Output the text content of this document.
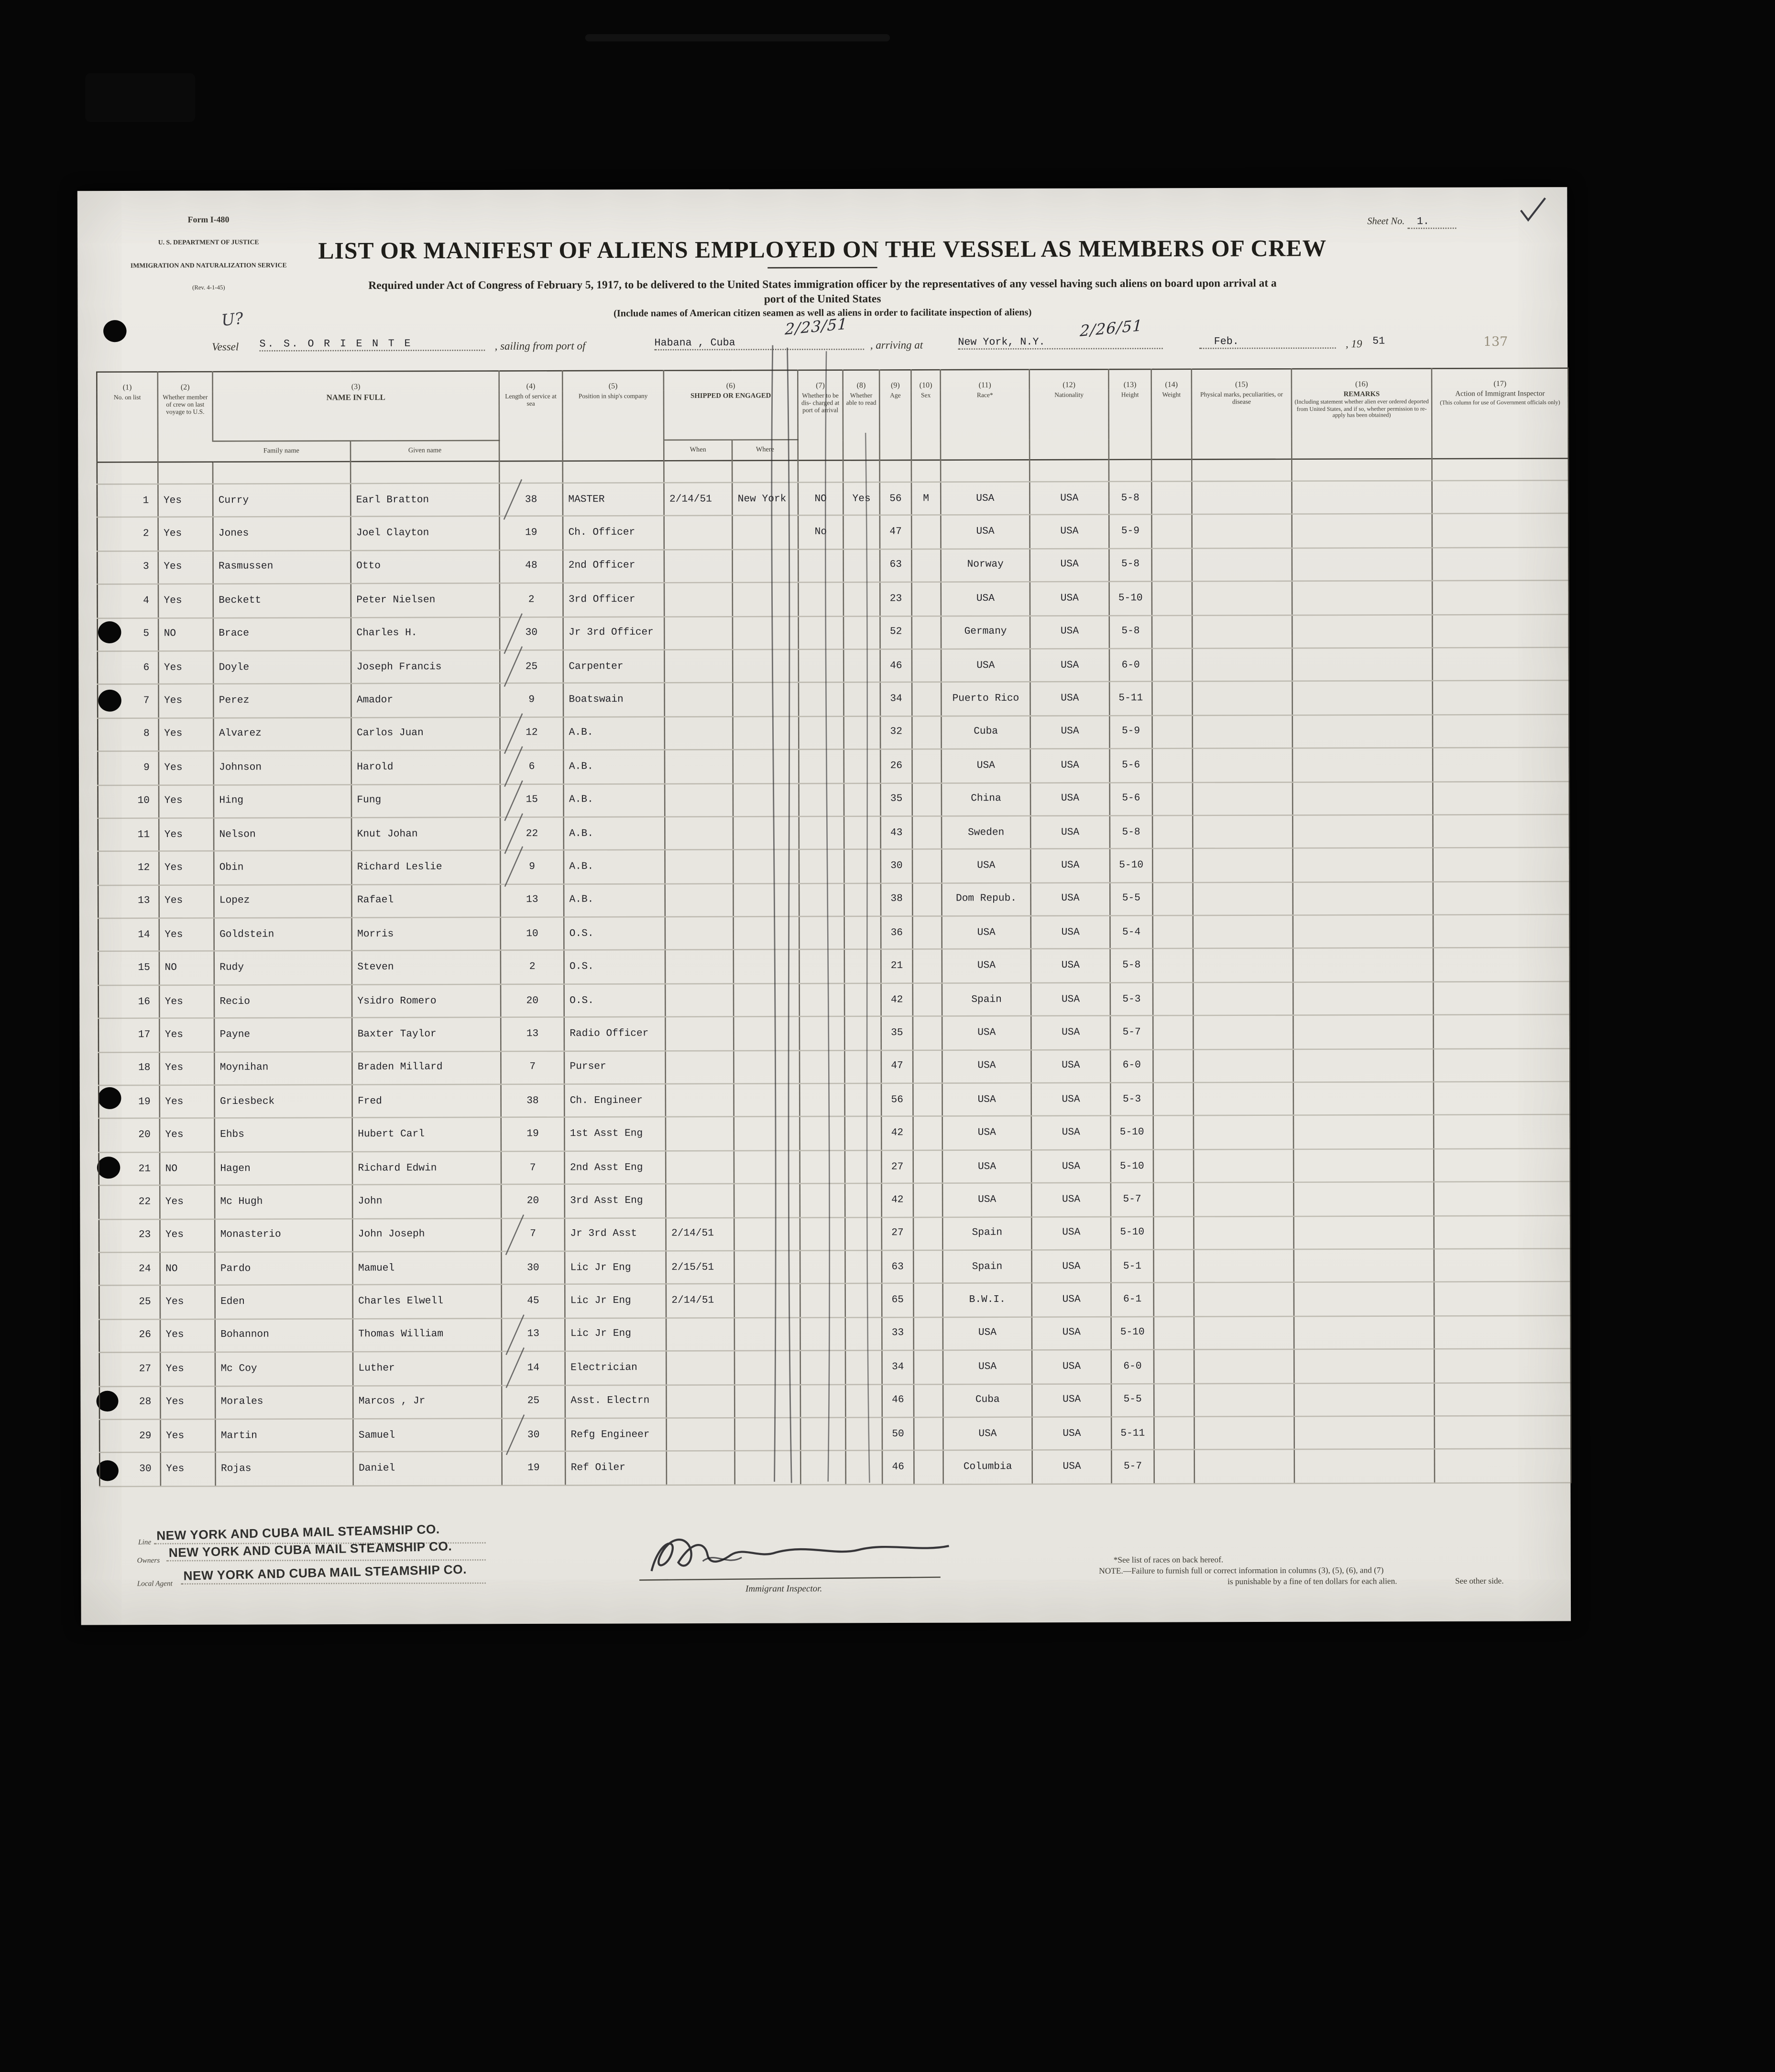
Form I-480
U. S. DEPARTMENT OF JUSTICE
IMMIGRATION AND NATURALIZATION SERVICE
(Rev. 4-1-45)
Sheet No.	1.
LIST OR MANIFEST OF ALIENS EMPLOYED ON THE VESSEL AS MEMBERS OF CREW
Required under Act of Congress of February 5, 1917, to be delivered to the United States immigration officer by the representatives of any vessel having such aliens on board upon arrival at a
port of the United States
(Include names of American citizen seamen as well as aliens in order to facilitate inspection of aliens)
Vessel	S. S. O R I E N T E	, sailing from port of	Habana , Cuba
2/23/51
, arriving at	New York, N.Y.
2/26/51
Feb.	, 19	51
U?
137
(1)	(2)	(3)		(4)	(5)	(6)		(7)	(8)	(9)	(10)	(11)	(12)	(13)	(14)	(15)	(16)	(17)
No. on list	Whether member of crew on last voyage to U.S.	NAME IN FULL		Length of service at sea	Position in ship's company	SHIPPED OR ENGAGED		Whether to be dis- charged at port of arrival	Whether able to read	Age	Sex	Race*	Nationality	Height	Weight	Physical marks, peculiarities, or disease	REMARKS
(Including statement whether alien ever ordered deported from United States, and if so, whether permission to re- apply has been obtained)	Action of Immigrant Inspector
(This column for use of Government officials only)

		Family name	Given name			When	Where											

1	Yes	Curry	Earl Bratton	38	MASTER	2/14/51	New York	NO	Yes	56	M	USA	USA	5-8				
2	Yes	Jones	Joel Clayton	19	Ch. Officer			No		47		USA	USA	5-9				
3	Yes	Rasmussen	Otto	48	2nd Officer					63		Norway	USA	5-8				
4	Yes	Beckett	Peter Nielsen	2	3rd Officer					23		USA	USA	5-10				
5	NO	Brace	Charles H.	30	Jr 3rd Officer					52		Germany	USA	5-8				
6	Yes	Doyle	Joseph Francis	25	Carpenter					46		USA	USA	6-0				
7	Yes	Perez	Amador	9	Boatswain					34		Puerto Rico	USA	5-11				
8	Yes	Alvarez	Carlos Juan	12	A.B.					32		Cuba	USA	5-9				
9	Yes	Johnson	Harold	6	A.B.					26		USA	USA	5-6				
10	Yes	Hing	Fung	15	A.B.					35		China	USA	5-6				
11	Yes	Nelson	Knut Johan	22	A.B.					43		Sweden	USA	5-8				
12	Yes	Obin	Richard Leslie	9	A.B.					30		USA	USA	5-10				
13	Yes	Lopez	Rafael	13	A.B.					38		Dom Repub.	USA	5-5				
14	Yes	Goldstein	Morris	10	O.S.					36		USA	USA	5-4				
15	NO	Rudy	Steven	2	O.S.					21		USA	USA	5-8				
16	Yes	Recio	Ysidro Romero	20	O.S.					42		Spain	USA	5-3				
17	Yes	Payne	Baxter Taylor	13	Radio Officer					35		USA	USA	5-7				
18	Yes	Moynihan	Braden Millard	7	Purser					47		USA	USA	6-0				
19	Yes	Griesbeck	Fred	38	Ch. Engineer					56		USA	USA	5-3				
20	Yes	Ehbs	Hubert Carl	19	1st Asst Eng					42		USA	USA	5-10				
21	NO	Hagen	Richard Edwin	7	2nd Asst Eng					27		USA	USA	5-10				
22	Yes	Mc Hugh	John	20	3rd Asst Eng					42		USA	USA	5-7				
23	Yes	Monasterio	John Joseph	7	Jr 3rd Asst	2/14/51				27		Spain	USA	5-10				
24	NO	Pardo	Mamuel	30	Lic Jr Eng	2/15/51				63		Spain	USA	5-1				
25	Yes	Eden	Charles Elwell	45	Lic Jr Eng	2/14/51				65		B.W.I.	USA	6-1				
26	Yes	Bohannon	Thomas William	13	Lic Jr Eng					33		USA	USA	5-10				
27	Yes	Mc Coy	Luther	14	Electrician					34		USA	USA	6-0				
28	Yes	Morales	Marcos , Jr	25	Asst. Electrn					46		Cuba	USA	5-5				
29	Yes	Martin	Samuel	30	Refg Engineer					50		USA	USA	5-11				
30	Yes	Rojas	Daniel	19	Ref Oiler					46		Columbia	USA	5-7				
Line NEW YORK AND CUBA MAIL STEAMSHIP CO.
Owners
NEW YORK AND CUBA MAIL STEAMSHIP CO.
Local Agent
NEW YORK AND CUBA MAIL STEAMSHIP CO.
Immigrant Inspector.
*See list of races on back hereof.
NOTE.—Failure to furnish full or correct information in columns (3), (5), (6), and (7)
is punishable by a fine of ten dollars for each alien.	See other side.
